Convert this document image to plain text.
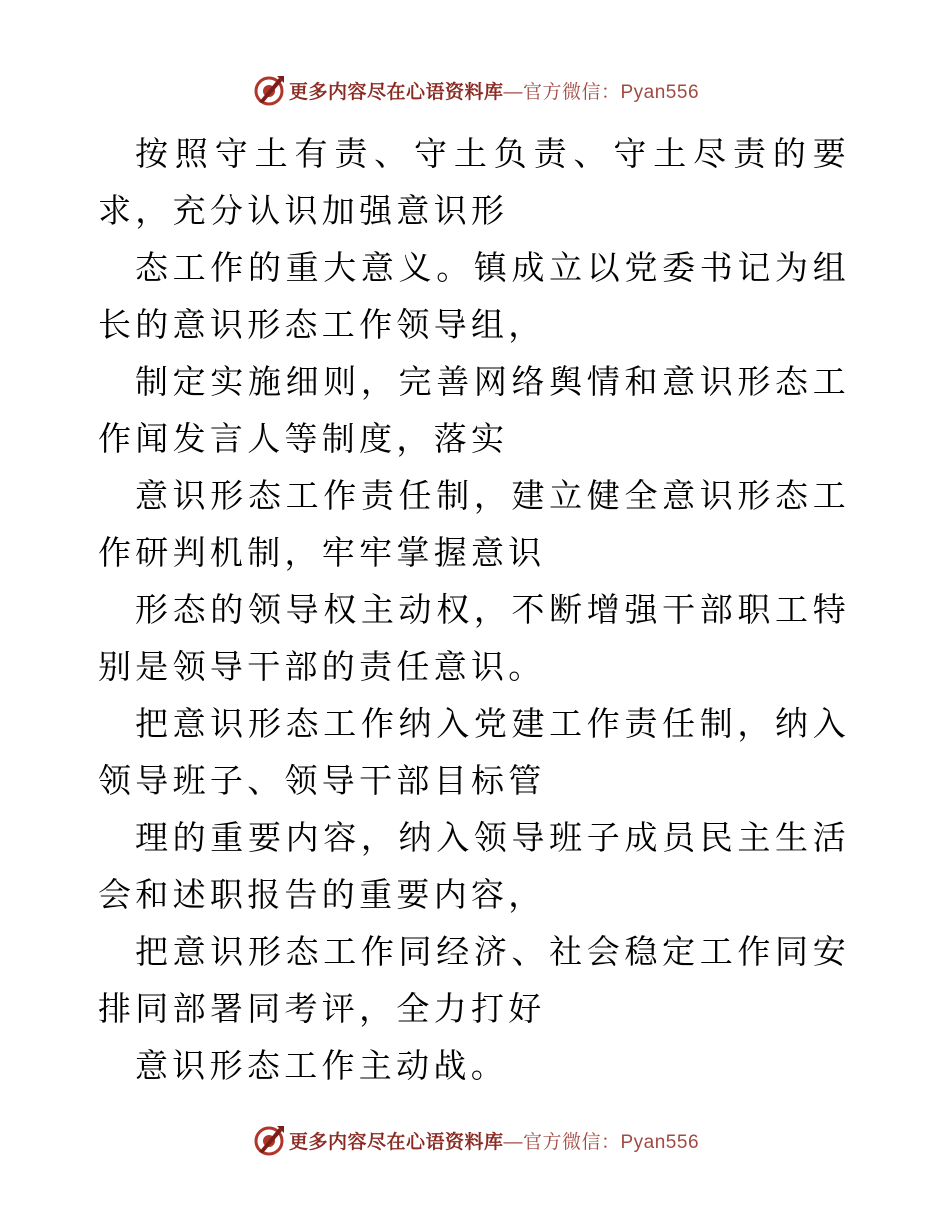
更多内容尽在心语资料库 —官方微信：Pyan556

按照守土有责、守土负责、守土尽责的要求，充分认识加强意识形

态工作的重大意义。镇成立以党委书记为组长的意识形态工作领导组，

制定实施细则，完善网络舆情和意识形态工作闻发言人等制度，落实

意识形态工作责任制，建立健全意识形态工作研判机制，牢牢掌握意识

形态的领导权主动权，不断增强干部职工特别是领导干部的责任意识。

把意识形态工作纳入党建工作责任制，纳入领导班子、领导干部目标管

理的重要内容，纳入领导班子成员民主生活会和述职报告的重要内容，

把意识形态工作同经济、社会稳定工作同安排同部署同考评，全力打好

意识形态工作主动战。

更多内容尽在心语资料库 —官方微信：Pyan556
